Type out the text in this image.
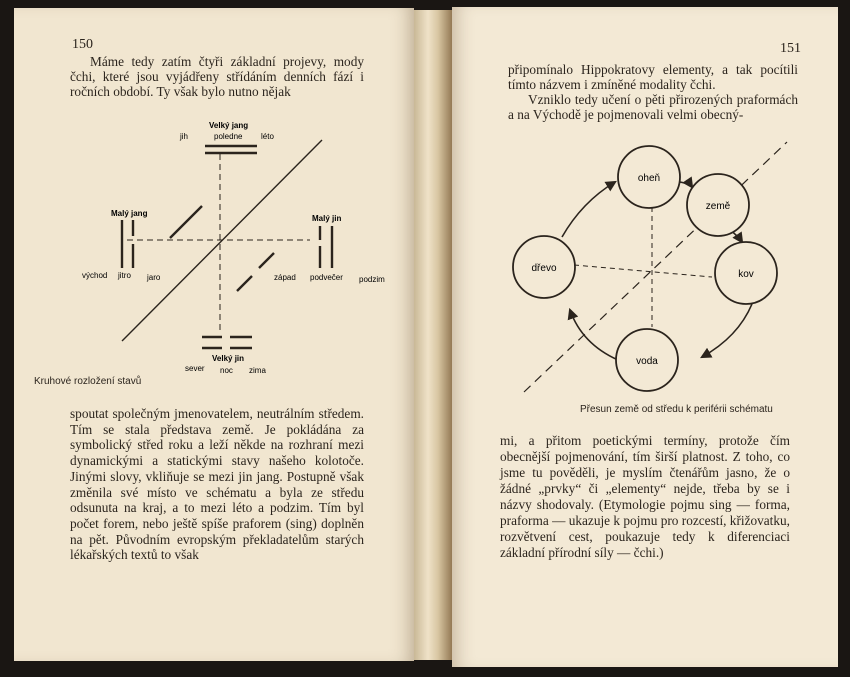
150
Máme tedy zatím čtyři základní projevy, mody čchi, které jsou vyjádřeny střídáním denních fází i ročních období. Ty však bylo nutno nějak
Velký jang
jih	poledne léto
Malý jang
východ jitro jaro
Malý jin
západ podvečer podzim
Velký jin
sever noc zima
Kruhové rozložení stavů
spoutat společným jmenovatelem, neutrálním středem. Tím se stala představa země. Je pokládána za symbolický střed roku a leží někde na rozhraní mezi dynamickými a statickými stavy našeho kolotoče. Jinými slovy, vkliňuje se mezi jin jang. Postupně však změnila své místo ve schématu a byla ze středu odsunuta na kraj, a to mezi léto a podzim. Tím byl počet forem, nebo ještě spíše praforem (sing) doplněn na pět. Původním evropským překladatelům starých lékařských textů to však
151
připomínalo Hippokratovy elementy, a tak pocítili tímto názvem i zmíněné modality čchi.
Vzniklo tedy učení o pěti přirozených praformách a na Východě je pojmenovali velmi obecný-
oheň
země
kov
voda
dřevo
Přesun země od středu k periférii schématu
mi, a přitom poetickými termíny, protože čím obecnější pojmenování, tím širší platnost. Z toho, co jsme tu pověděli, je myslím čtenářům jasno, že o žádné „prvky“ či „elementy“ nejde, třeba by se i názvy shodovaly. (Etymologie pojmu sing — forma, praforma — ukazuje k pojmu pro rozcestí, křižovatku, rozvětvení cest, poukazuje tedy k diferenciaci základní přírodní síly — čchi.)
